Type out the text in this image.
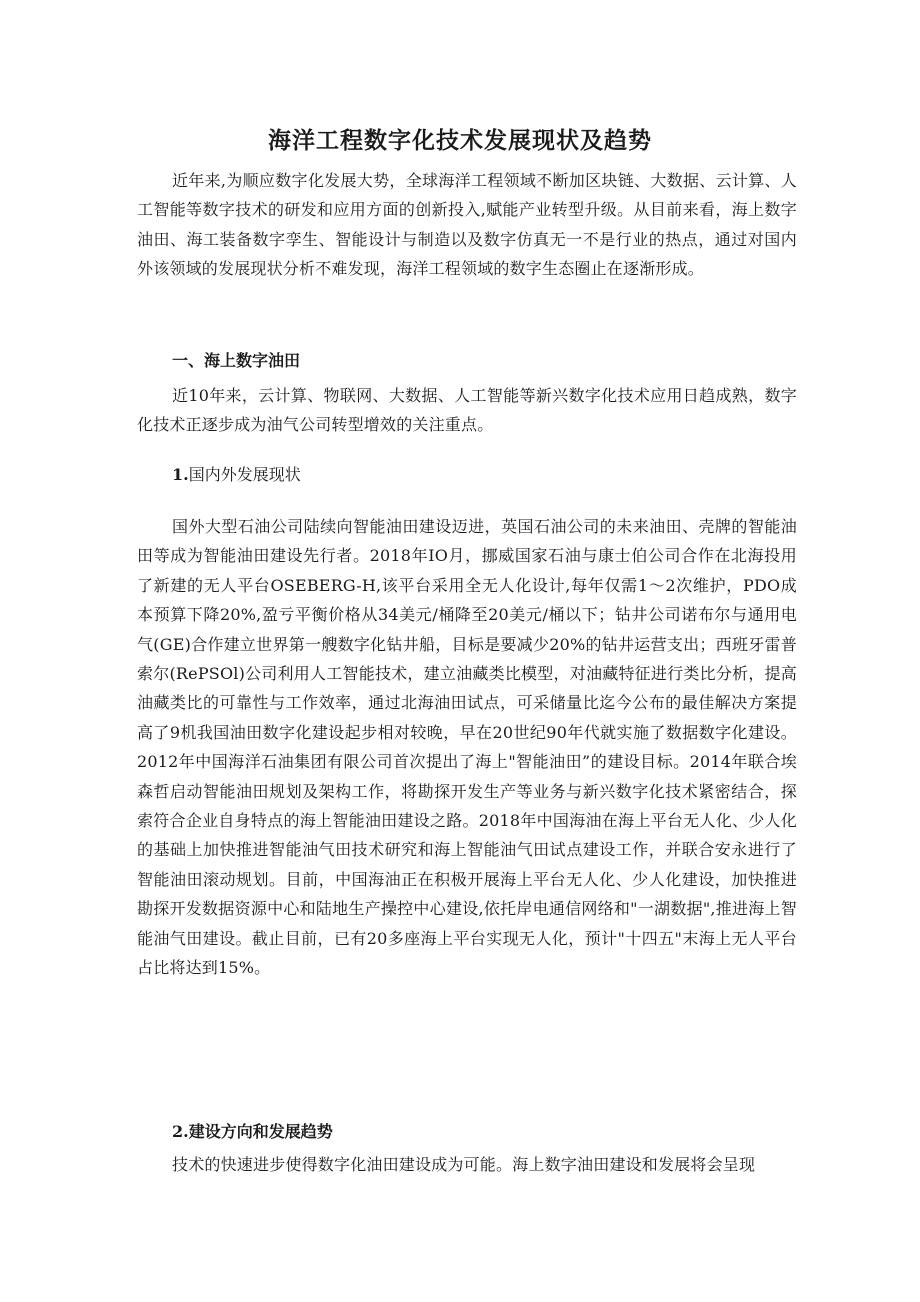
海洋工程数字化技术发展现状及趋势

近年来,为顺应数字化发展大势，全球海洋工程领域不断加区块链、大数据、云计算、人工智能等数字技术的研发和应用方面的创新投入,赋能产业转型升级。从目前来看，海上数字油田、海工装备数字孪生、智能设计与制造以及数字仿真无一不是行业的热点，通过对国内外该领域的发展现状分析不难发现，海洋工程领域的数字生态圈止在逐渐形成。

一、海上数字油田

近10年来，云计算、物联网、大数据、人工智能等新兴数字化技术应用日趋成熟，数字化技术正逐步成为油气公司转型增效的关注重点。

1.国内外发展现状

国外大型石油公司陆续向智能油田建设迈进，英国石油公司的未来油田、壳牌的智能油田等成为智能油田建设先行者。2018年IO月，挪威国家石油与康士伯公司合作在北海投用了新建的无人平台OSEBERG-H,该平台采用全无人化设计,每年仅需1～2次维护，PDO成本预算下降20%,盈亏平衡价格从34美元/桶降至20美元/桶以下；钻井公司诺布尔与通用电气(GE)合作建立世界第一艘数字化钻井船，目标是要减少20%的钻井运营支出；西班牙雷普索尔(RePSOl)公司利用人工智能技术，建立油藏类比模型，对油藏特征进行类比分析，提高油藏类比的可靠性与工作效率，通过北海油田试点，可采储量比迄今公布的最佳解决方案提高了9机我国油田数字化建设起步相对较晚，早在20世纪90年代就实施了数据数字化建设。2012年中国海洋石油集团有限公司首次提出了海上"智能油田”的建设目标。2014年联合埃森哲启动智能油田规划及架构工作，将勘探开发生产等业务与新兴数字化技术紧密结合，探索符合企业自身特点的海上智能油田建设之路。2018年中国海油在海上平台无人化、少人化的基础上加快推进智能油气田技术研究和海上智能油气田试点建设工作，并联合安永进行了智能油田滚动规划。目前，中国海油正在积极开展海上平台无人化、少人化建设，加快推进勘探开发数据资源中心和陆地生产操控中心建设,依托岸电通信网络和"一湖数据",推进海上智能油气田建设。截止目前，已有20多座海上平台实现无人化，预计"十四五"末海上无人平台占比将达到15%。

2.建设方向和发展趋势

技术的快速进步使得数字化油田建设成为可能。海上数字油田建设和发展将会呈现
